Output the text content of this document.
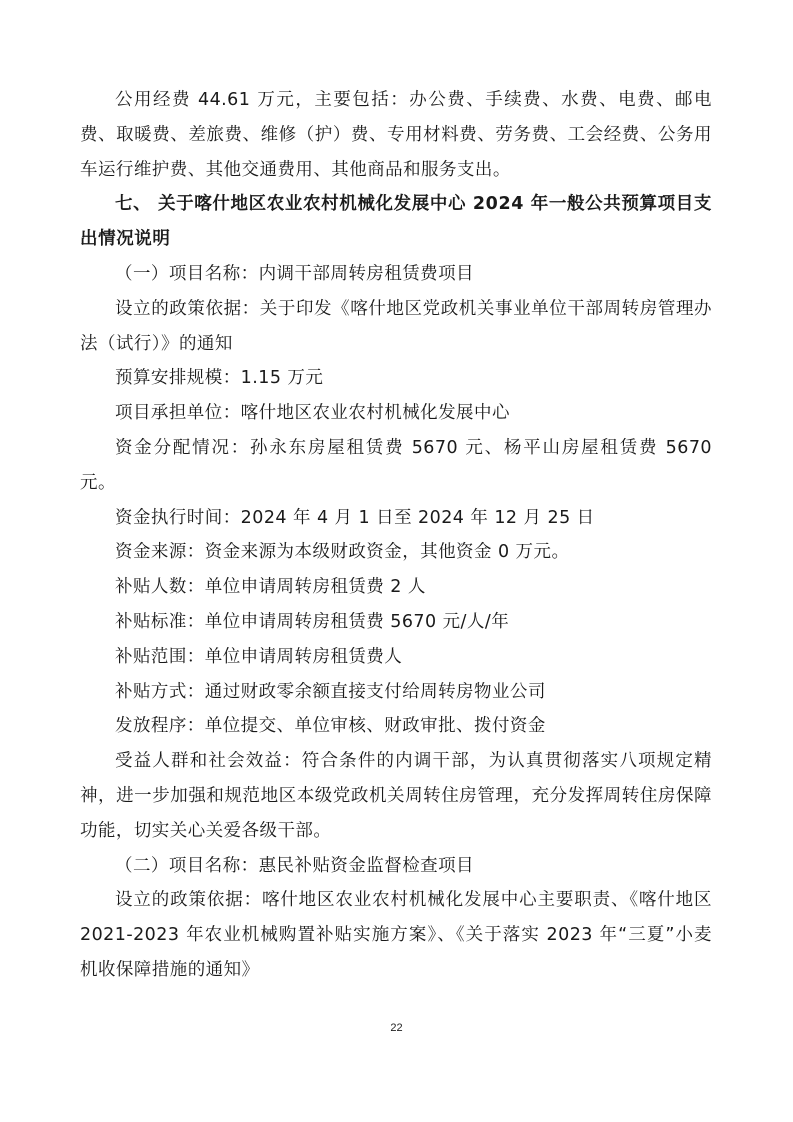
公用经费 44.61 万元，主要包括：办公费、手续费、水费、电费、邮电费、取暖费、差旅费、维修（护）费、专用材料费、劳务费、工会经费、公务用车运行维护费、其他交通费用、其他商品和服务支出。

七、 关于喀什地区农业农村机械化发展中心 2024 年一般公共预算项目支出情况说明

（一）项目名称：内调干部周转房租赁费项目

设立的政策依据：关于印发《喀什地区党政机关事业单位干部周转房管理办法（试行）》的通知

预算安排规模：1.15 万元

项目承担单位：喀什地区农业农村机械化发展中心

资金分配情况：孙永东房屋租赁费 5670 元、杨平山房屋租赁费 5670 元。

资金执行时间：2024 年 4 月 1 日至 2024 年 12 月 25 日

资金来源：资金来源为本级财政资金，其他资金 0 万元。

补贴人数：单位申请周转房租赁费 2 人

补贴标准：单位申请周转房租赁费 5670 元/人/年

补贴范围：单位申请周转房租赁费人

补贴方式：通过财政零余额直接支付给周转房物业公司

发放程序：单位提交、单位审核、财政审批、拨付资金

受益人群和社会效益：符合条件的内调干部，为认真贯彻落实八项规定精神，进一步加强和规范地区本级党政机关周转住房管理，充分发挥周转住房保障功能，切实关心关爱各级干部。

（二）项目名称：惠民补贴资金监督检查项目

设立的政策依据：喀什地区农业农村机械化发展中心主要职责、《喀什地区 2021-2023 年农业机械购置补贴实施方案》、《关于落实 2023 年“三夏”小麦机收保障措施的通知》

22
